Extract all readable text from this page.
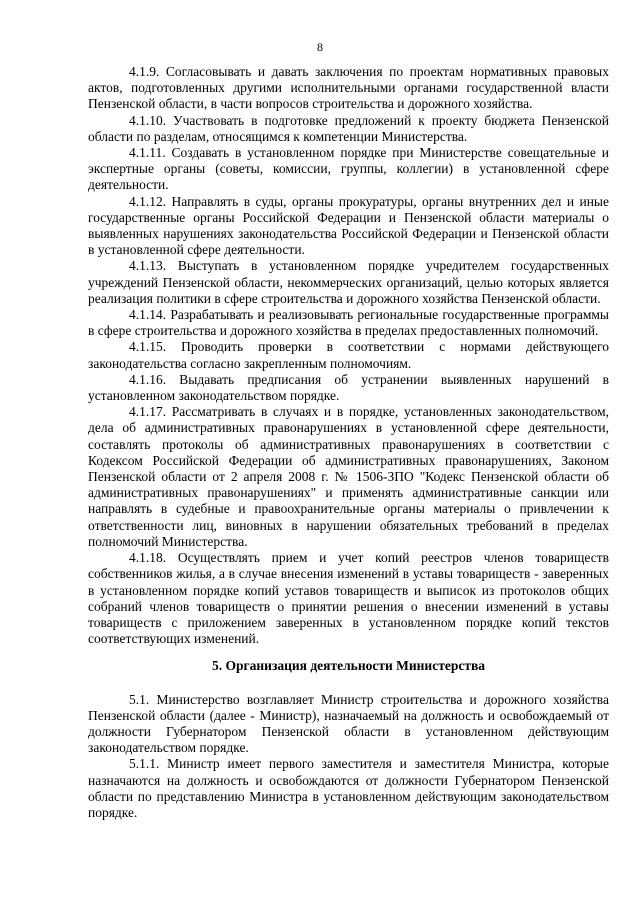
8

4.1.9. Согласовывать и давать заключения по проектам нормативных правовых актов, подготовленных другими исполнительными органами государственной власти Пензенской области, в части вопросов строительства и дорожного хозяйства.

4.1.10. Участвовать в подготовке предложений к проекту бюджета Пензенской области по разделам, относящимся к компетенции Министерства.

4.1.11. Создавать в установленном порядке при Министерстве совещательные и экспертные органы (советы, комиссии, группы, коллегии) в установленной сфере деятельности.

4.1.12. Направлять в суды, органы прокуратуры, органы внутренних дел и иные государственные органы Российской Федерации и Пензенской области материалы о выявленных нарушениях законодательства Российской Федерации и Пензенской области в установленной сфере деятельности.

4.1.13. Выступать в установленном порядке учредителем государственных учреждений Пензенской области, некоммерческих организаций, целью которых является реализация политики в сфере строительства и дорожного хозяйства Пензенской области.

4.1.14. Разрабатывать и реализовывать региональные государственные программы в сфере строительства и дорожного хозяйства в пределах предоставленных полномочий.

4.1.15. Проводить проверки в соответствии с нормами действующего законодательства согласно закрепленным полномочиям.

4.1.16. Выдавать предписания об устранении выявленных нарушений в установленном законодательством порядке.

4.1.17. Рассматривать в случаях и в порядке, установленных законодательством, дела об административных правонарушениях в установленной сфере деятельности, составлять протоколы об административных правонарушениях в соответствии с Кодексом Российской Федерации об административных правонарушениях, Законом Пензенской области от 2 апреля 2008 г. № 1506-ЗПО "Кодекс Пензенской области об административных правонарушениях" и применять административные санкции или направлять в судебные и правоохранительные органы материалы о привлечении к ответственности лиц, виновных в нарушении обязательных требований в пределах полномочий Министерства.

4.1.18. Осуществлять прием и учет копий реестров членов товариществ собственников жилья, а в случае внесения изменений в уставы товариществ - заверенных в установленном порядке копий уставов товариществ и выписок из протоколов общих собраний членов товариществ о принятии решения о внесении изменений в уставы товариществ с приложением заверенных в установленном порядке копий текстов соответствующих изменений.

5. Организация деятельности Министерства

5.1. Министерство возглавляет Министр строительства и дорожного хозяйства Пензенской области (далее - Министр), назначаемый на должность и освобождаемый от должности Губернатором Пензенской области в установленном действующим законодательством порядке.

5.1.1. Министр имеет первого заместителя и заместителя Министра, которые назначаются на должность и освобождаются от должности Губернатором Пензенской области по представлению Министра в установленном действующим законодательством порядке.
